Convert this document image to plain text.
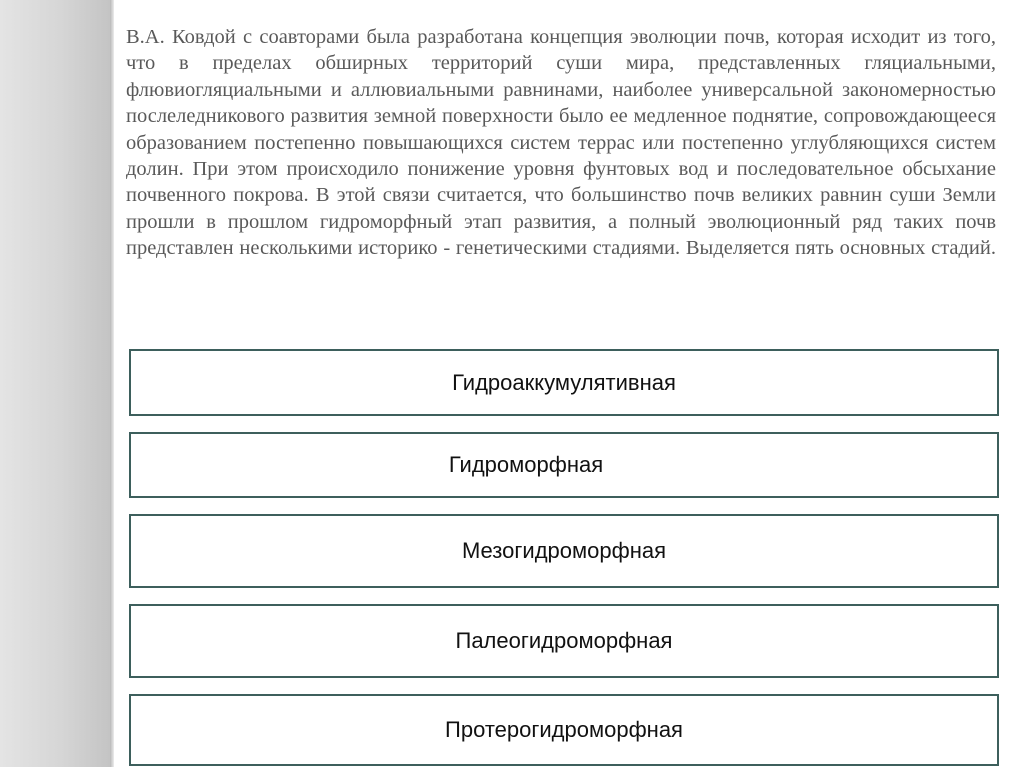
В.А. Ковдой с соавторами была разработана концепция эволюции почв, которая исходит из того, что в пределах обширных территорий суши мира, представленных гляциальными, флювиогляциальными и аллювиальными равнинами, наиболее универсальной закономерностью послеледникового развития земной поверхности было ее медленное поднятие, сопровождающееся образованием постепенно повышающихся систем террас или постепенно углубляющихся систем долин. При этом происходило понижение уровня фунтовых вод и последовательное обсыхание почвенного покрова. В этой связи считается, что большинство почв великих равнин суши Земли прошли в прошлом гидроморфный этап развития, а полный эволюционный ряд таких почв представлен несколькими историко - генетическими стадиями. Выделяется пять основных стадий.

Гидроаккумулятивная
Гидроморфная
Мезогидроморфная
Палеогидроморфная
Протерогидроморфная
